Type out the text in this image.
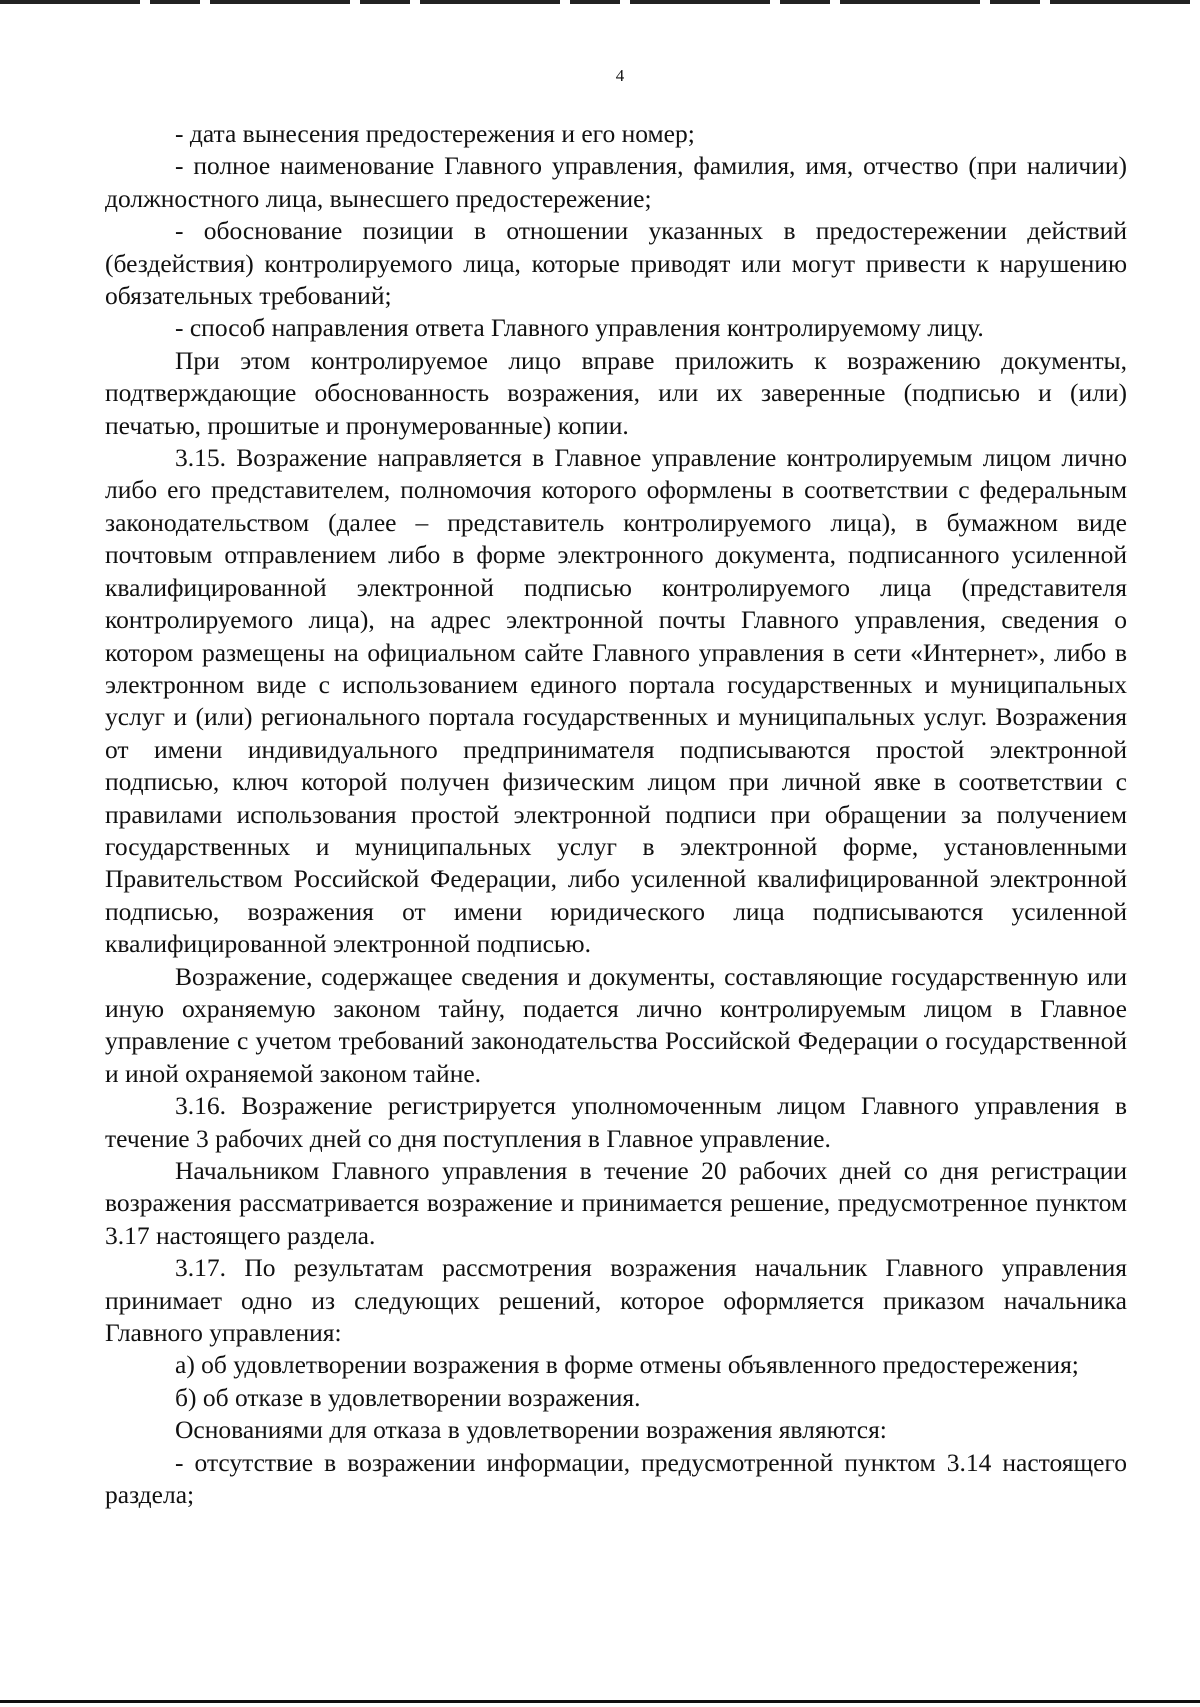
4

- дата вынесения предостережения и его номер;

- полное наименование Главного управления, фамилия, имя, отчество (при наличии) должностного лица, вынесшего предостережение;

- обоснование позиции в отношении указанных в предостережении действий (бездействия) контролируемого лица, которые приводят или могут привести к нарушению обязательных требований;

- способ направления ответа Главного управления контролируемому лицу.

При этом контролируемое лицо вправе приложить к возражению документы, подтверждающие обоснованность возражения, или их заверенные (подписью и (или) печатью, прошитые и пронумерованные) копии.

3.15. Возражение направляется в Главное управление контролируемым лицом лично либо его представителем, полномочия которого оформлены в соответствии с федеральным законодательством (далее – представитель контролируемого лица), в бумажном виде почтовым отправлением либо в форме электронного документа, подписанного усиленной квалифицированной электронной подписью контролируемого лица (представителя контролируемого лица), на адрес электронной почты Главного управления, сведения о котором размещены на официальном сайте Главного управления в сети «Интернет», либо в электронном виде с использованием единого портала государственных и муниципальных услуг и (или) регионального портала государственных и муниципальных услуг. Возражения от имени индивидуального предпринимателя подписываются простой электронной подписью, ключ которой получен физическим лицом при личной явке в соответствии с правилами использования простой электронной подписи при обращении за получением государственных и муниципальных услуг в электронной форме, установленными Правительством Российской Федерации, либо усиленной квалифицированной электронной подписью, возражения от имени юридического лица подписываются усиленной квалифицированной электронной подписью.

Возражение, содержащее сведения и документы, составляющие государственную или иную охраняемую законом тайну, подается лично контролируемым лицом в Главное управление с учетом требований законодательства Российской Федерации о государственной и иной охраняемой законом тайне.

3.16. Возражение регистрируется уполномоченным лицом Главного управления в течение 3 рабочих дней со дня поступления в Главное управление.

Начальником Главного управления в течение 20 рабочих дней со дня регистрации возражения рассматривается возражение и принимается решение, предусмотренное пунктом 3.17 настоящего раздела.

3.17. По результатам рассмотрения возражения начальник Главного управления принимает одно из следующих решений, которое оформляется приказом начальника Главного управления:

а) об удовлетворении возражения в форме отмены объявленного предостережения;

б) об отказе в удовлетворении возражения.

Основаниями для отказа в удовлетворении возражения являются:

- отсутствие в возражении информации, предусмотренной пунктом 3.14 настоящего раздела;
